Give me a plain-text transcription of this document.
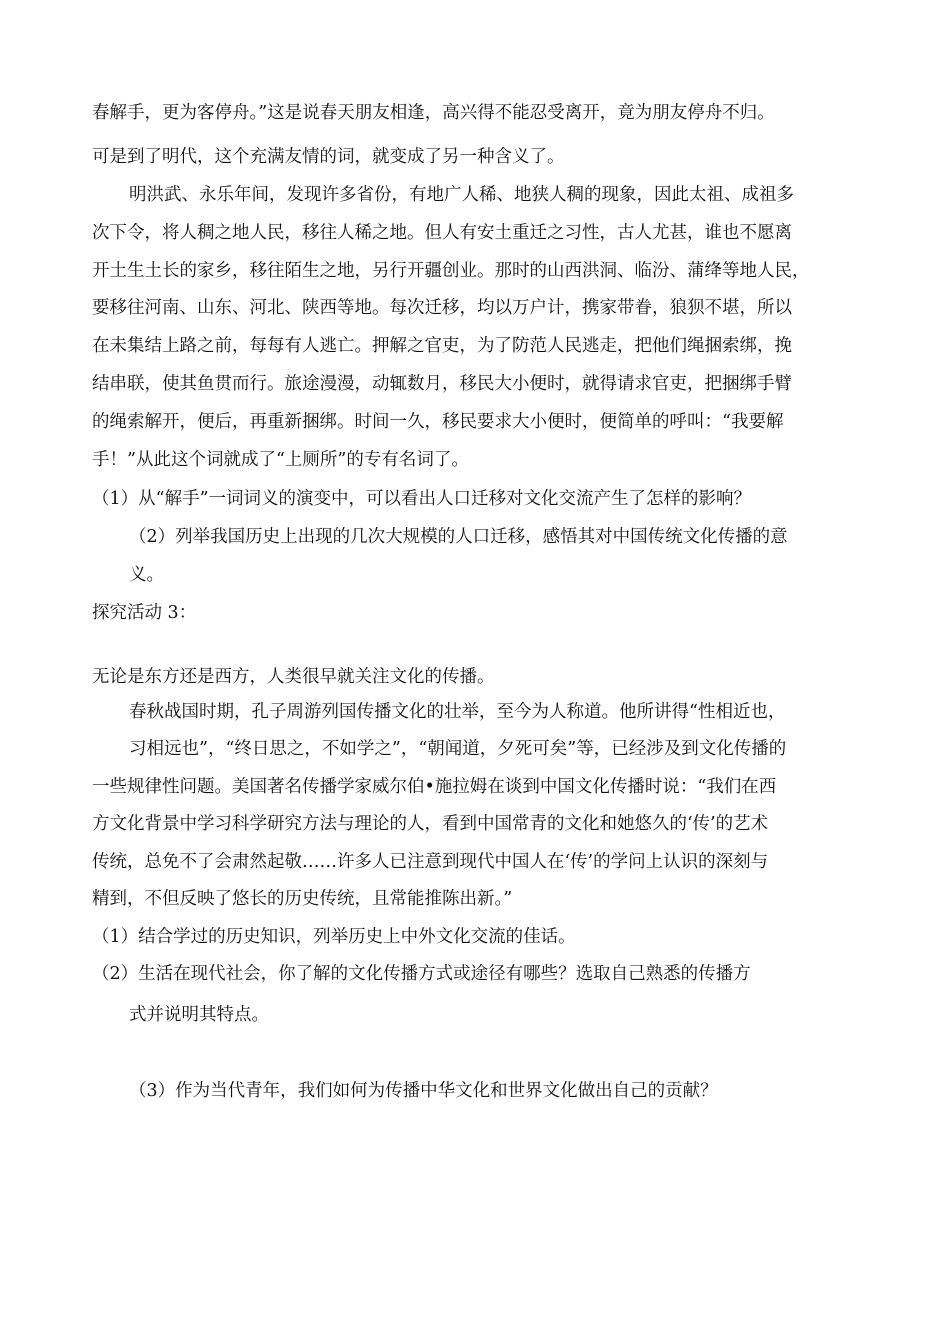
春解手，更为客停舟。”这是说春天朋友相逢，高兴得不能忍受离开，竟为朋友停舟不归。

可是到了明代，这个充满友情的词，就变成了另一种含义了。

明洪武、永乐年间，发现许多省份，有地广人稀、地狭人稠的现象，因此太祖、成祖多

次下令，将人稠之地人民，移往人稀之地。但人有安土重迁之习性，古人尤甚，谁也不愿离

开土生土长的家乡，移往陌生之地，另行开疆创业。那时的山西洪洞、临汾、蒲绛等地人民，

要移往河南、山东、河北、陕西等地。每次迁移，均以万户计，携家带眷，狼狈不堪，所以

在未集结上路之前，每每有人逃亡。押解之官吏，为了防范人民逃走，把他们绳捆索绑，挽

结串联，使其鱼贯而行。旅途漫漫，动辄数月，移民大小便时，就得请求官吏，把捆绑手臂

的绳索解开，便后，再重新捆绑。时间一久，移民要求大小便时，便简单的呼叫：“我要解

手！”从此这个词就成了“上厕所”的专有名词了。

（1）从“解手”一词词义的演变中，可以看出人口迁移对文化交流产生了怎样的影响？

（2）列举我国历史上出现的几次大规模的人口迁移，感悟其对中国传统文化传播的意

义。

探究活动 3：

无论是东方还是西方，人类很早就关注文化的传播。

春秋战国时期，孔子周游列国传播文化的壮举，至今为人称道。他所讲得“性相近也，

习相远也”，“终日思之，不如学之”，“朝闻道，夕死可矣”等，已经涉及到文化传播的

一些规律性问题。美国著名传播学家威尔伯•施拉姆在谈到中国文化传播时说：“我们在西

方文化背景中学习科学研究方法与理论的人，看到中国常青的文化和她悠久的‘传’的艺术

传统，总免不了会肃然起敬……许多人已注意到现代中国人在‘传’的学问上认识的深刻与

精到，不但反映了悠长的历史传统，且常能推陈出新。”

（1）结合学过的历史知识，列举历史上中外文化交流的佳话。

（2）生活在现代社会，你了解的文化传播方式或途径有哪些？选取自己熟悉的传播方

式并说明其特点。

（3）作为当代青年，我们如何为传播中华文化和世界文化做出自己的贡献？
